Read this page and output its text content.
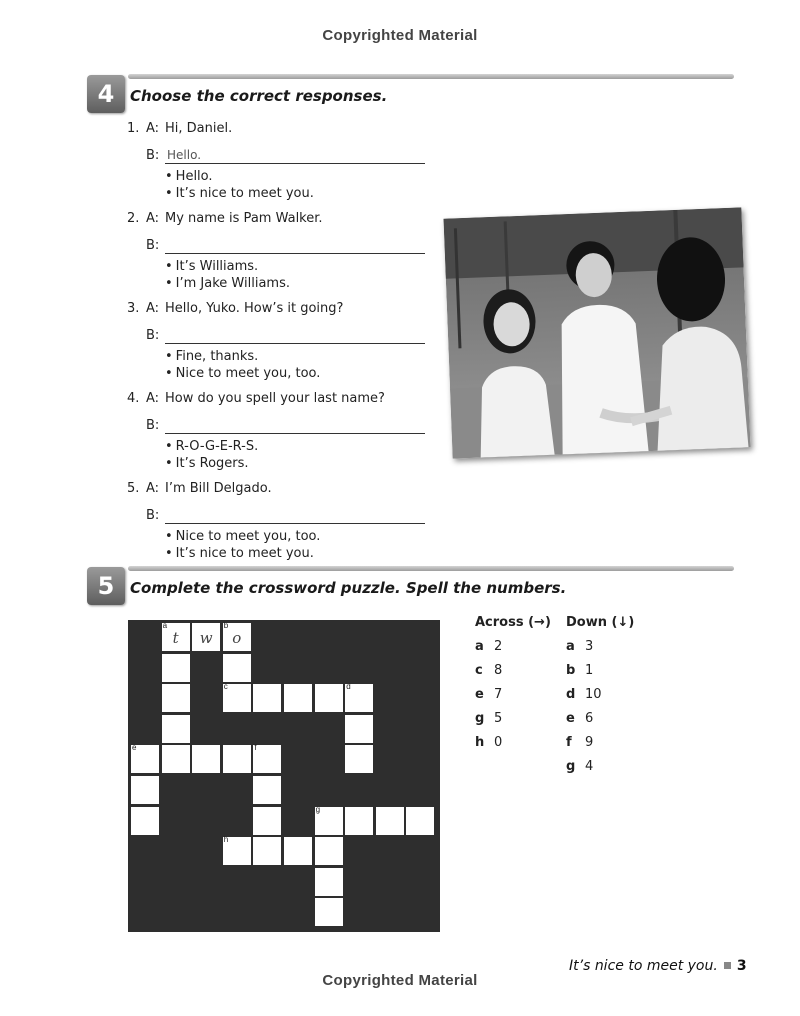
Copyrighted Material
4	Choose the correct responses.
1. A: Hi, Daniel.
B: Hello.
• Hello.
• It’s nice to meet you.
2. A: My name is Pam Walker.
B:
• It’s Williams.
• I’m Jake Williams.
3. A: Hello, Yuko. How’s it going?
B:
• Fine, thanks.
• Nice to meet you, too.
4. A: How do you spell your last name?
B:
• R-O-G-E-R-S.
• It’s Rogers.
5. A: I’m Bill Delgado.
B:
• Nice to meet you, too.
• It’s nice to meet you.
5	Complete the crossword puzzle. Spell the numbers.
a
t	w
b
o
c	d
e	f
g
h
Across (→)
a 2
c 8
e 7
g 5
h 0
Down (↓)
a 3
b 1
d 10
e 6
f	9
g 4
It’s nice to meet you. 3
Copyrighted Material
